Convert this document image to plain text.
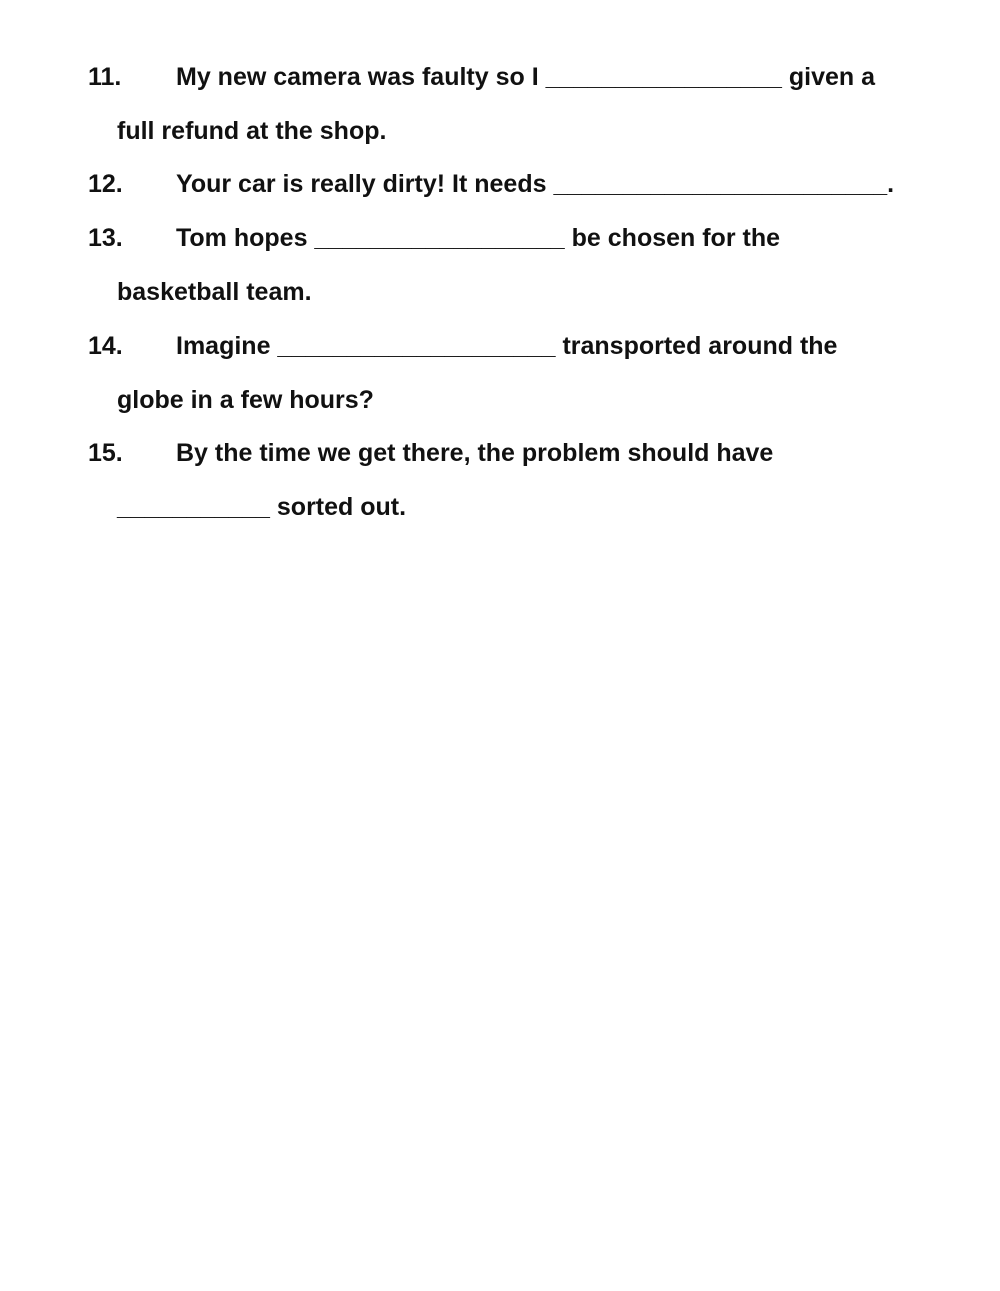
11. My new camera was faulty so I _________________ given a
full refund at the shop.
12. Your car is really dirty! It needs ________________________.
13. Tom hopes __________________ be chosen for the
basketball team.
14. Imagine ____________________ transported around the
globe in a few hours?
15. By the time we get there, the problem should have
___________ sorted out.
